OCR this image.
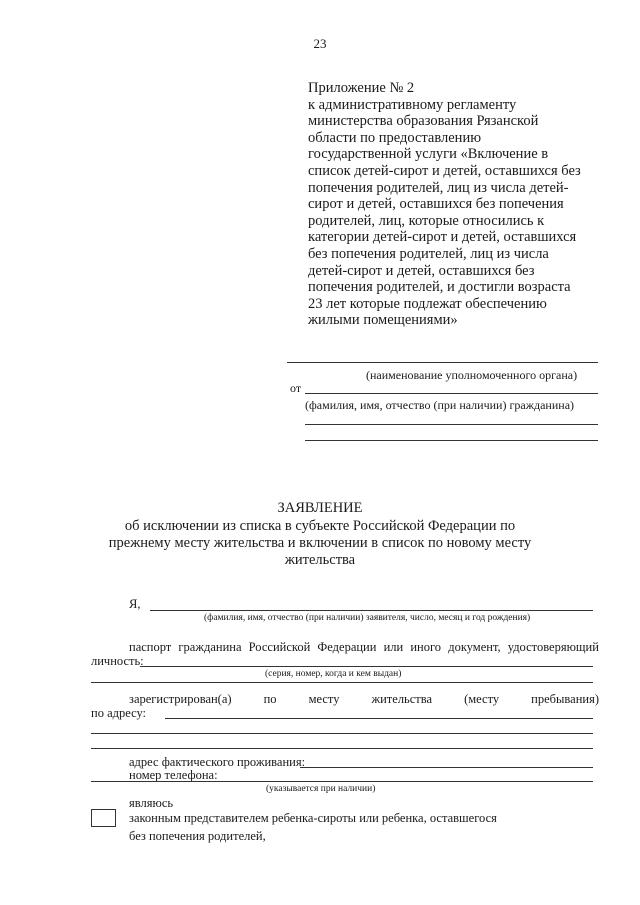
23
Приложение № 2
к административному регламенту
министерства образования Рязанской
области по предоставлению
государственной услуги «Включение в
список детей-сирот и детей, оставшихся без
попечения родителей, лиц из числа детей-
сирот и детей, оставшихся без попечения
родителей, лиц, которые относились к
категории детей-сирот и детей, оставшихся
без попечения родителей, лиц из числа
детей-сирот и детей, оставшихся без
попечения родителей, и достигли возраста
23 лет которые подлежат обеспечению
жилыми помещениями»
(наименование уполномоченного органа)
от
(фамилия, имя, отчество (при наличии) гражданина)
ЗАЯВЛЕНИЕ
об исключении из списка в субъекте Российской Федерации по
прежнему месту жительства и включении в список по новому месту
жительства
Я,
(фамилия, имя, отчество (при наличии) заявителя, число, месяц и год рождения)
паспорт гражданина Российской Федерации или иного документ, удостоверяющий
личность:
(серия, номер, когда и кем выдан)
зарегистрирован(а)	по	месту	жительства	(месту	пребывания)
по адресу:
адрес фактического проживания:
номер телефона:
(указывается при наличии)
являюсь
законным представителем ребенка-сироты или ребенка, оставшегося
без попечения родителей,
